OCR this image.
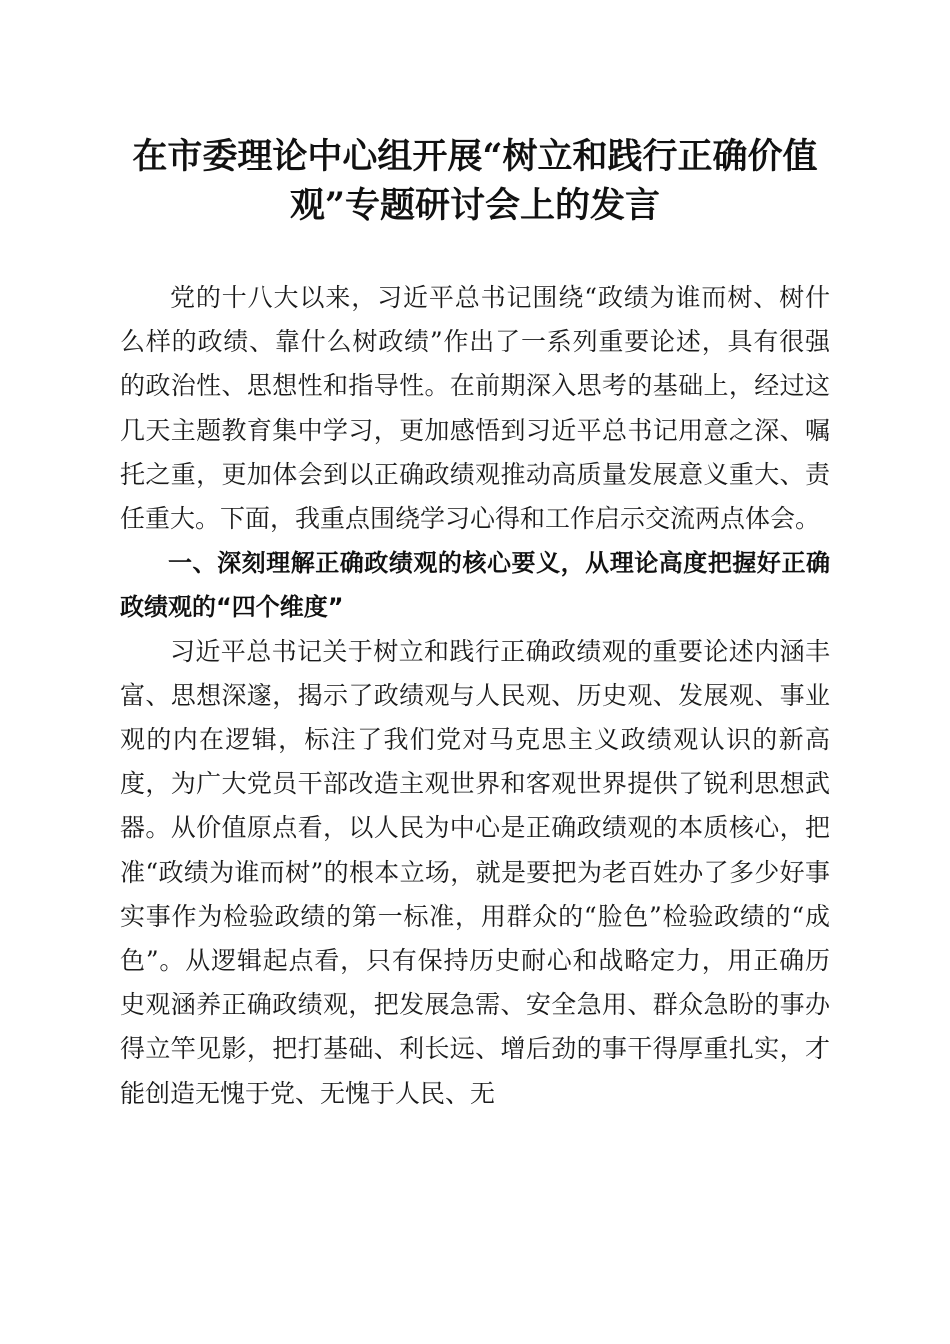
在市委理论中心组开展“树立和践行正确价值观”专题研讨会上的发言

党的十八大以来，习近平总书记围绕“政绩为谁而树、树什么样的政绩、靠什么树政绩”作出了一系列重要论述，具有很强的政治性、思想性和指导性。在前期深入思考的基础上，经过这几天主题教育集中学习，更加感悟到习近平总书记用意之深、嘱托之重，更加体会到以正确政绩观推动高质量发展意义重大、责任重大。下面，我重点围绕学习心得和工作启示交流两点体会。

一、深刻理解正确政绩观的核心要义，从理论高度把握好正确政绩观的“四个维度”

习近平总书记关于树立和践行正确政绩观的重要论述内涵丰富、思想深邃，揭示了政绩观与人民观、历史观、发展观、事业观的内在逻辑，标注了我们党对马克思主义政绩观认识的新高度，为广大党员干部改造主观世界和客观世界提供了锐利思想武器。从价值原点看，以人民为中心是正确政绩观的本质核心，把准“政绩为谁而树”的根本立场，就是要把为老百姓办了多少好事实事作为检验政绩的第一标准，用群众的“脸色”检验政绩的“成色”。从逻辑起点看，只有保持历史耐心和战略定力，用正确历史观涵养正确政绩观，把发展急需、安全急用、群众急盼的事办得立竿见影，把打基础、利长远、增后劲的事干得厚重扎实，才能创造无愧于党、无愧于人民、无
